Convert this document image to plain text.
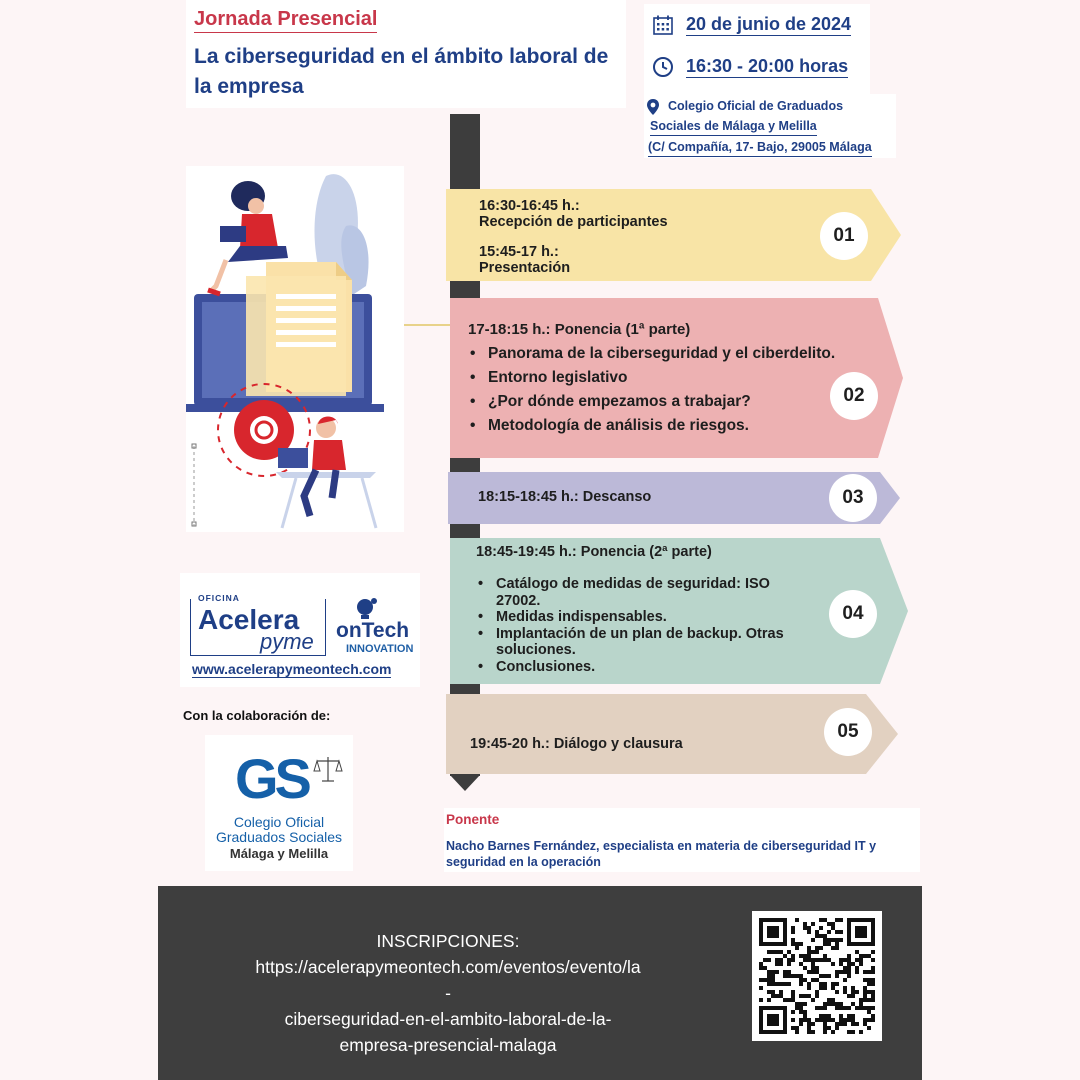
Jornada Presencial
La ciberseguridad en el ámbito laboral de la empresa
20 de junio de 2024
16:30 - 20:00 horas
Colegio Oficial de Graduados
Sociales de Málaga y Melilla
(C/ Compañía, 17- Bajo, 29005 Málaga
16:30-16:45 h.:
Recepción de participantes
15:45-17 h.:
Presentación
01
17-18:15 h.: Ponencia (1ª parte)
• Panorama de la ciberseguridad y el ciberdelito.
• Entorno legislativo
• ¿Por dónde empezamos a trabajar?
• Metodología de análisis de riesgos.
02
18:15-18:45 h.: Descanso	03
18:45-19:45 h.: Ponencia (2ª parte)
• Catálogo de medidas de seguridad: ISO 27002.
• Medidas indispensables.
• Implantación de un plan de backup. Otras soluciones.
• Conclusiones.
04
19:45-20 h.: Diálogo y clausura
05
OFICINA
Acelera
pyme onTech
INNOVATION
www.acelerapymeontech.com
Con la colaboración de:
GS
Colegio Oficial
Graduados Sociales
Málaga y Melilla
Ponente
Nacho Barnes Fernández, especialista en materia de ciberseguridad IT y seguridad en la operación
INSCRIPCIONES:
https://acelerapymeontech.com/eventos/evento/la
-
ciberseguridad-en-el-ambito-laboral-de-la-
empresa-presencial-malaga
